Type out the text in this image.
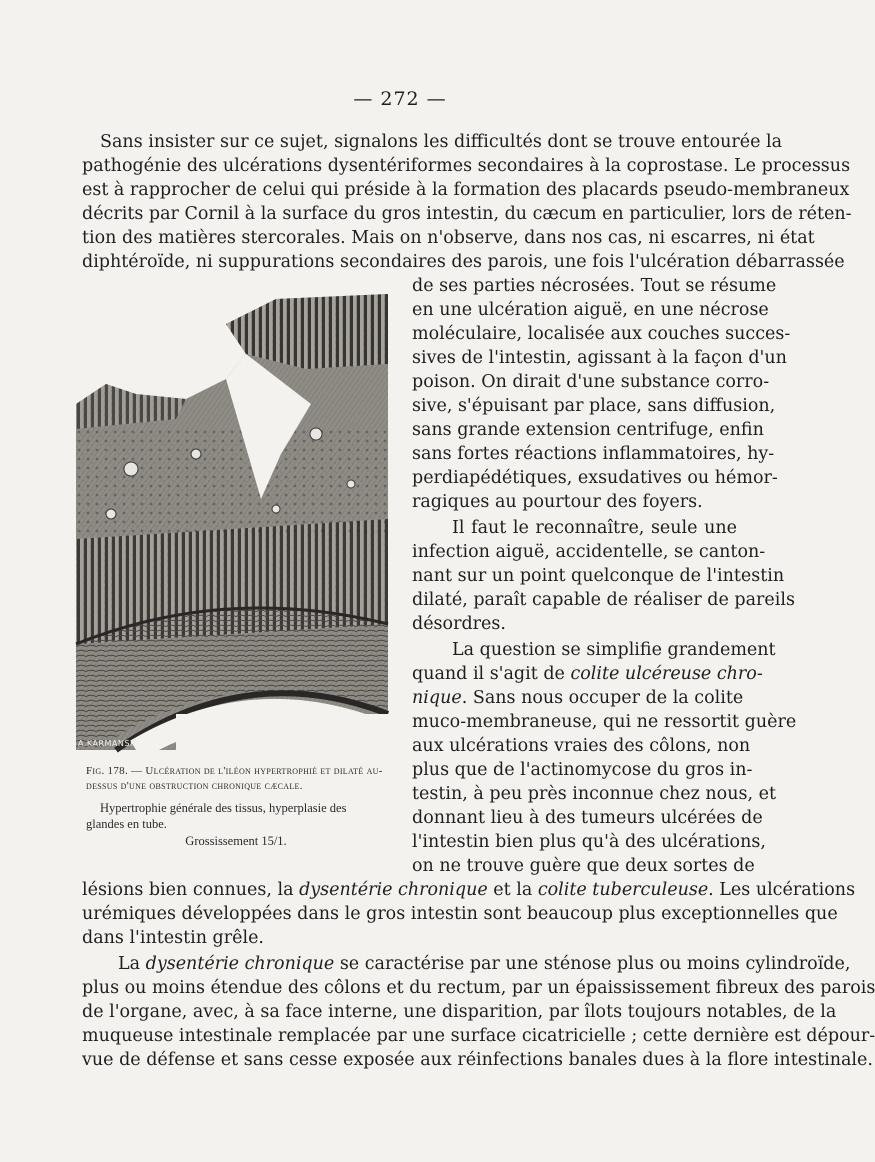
— 272 —

Sans insister sur ce sujet, signalons les difficultés dont se trouve entourée la

pathogénie des ulcérations dysentériformes secondaires à la coprostase. Le processus

est à rapprocher de celui qui préside à la formation des placards pseudo-membraneux

décrits par Cornil à la surface du gros intestin, du cæcum en particulier, lors de réten-

tion des matières stercorales. Mais on n'observe, dans nos cas, ni escarres, ni état

diphtéroïde, ni suppurations secondaires des parois, une fois l'ulcération débarrassée

de ses parties nécrosées. Tout se résume

en une ulcération aiguë, en une nécrose

moléculaire, localisée aux couches succes-

sives de l'intestin, agissant à la façon d'un

poison. On dirait d'une substance corro-

sive, s'épuisant par place, sans diffusion,

sans grande extension centrifuge, enfin

sans fortes réactions inflammatoires, hy-

perdiapédétiques, exsudatives ou hémor-

ragiques au pourtour des foyers.

Il faut le reconnaître, seule une

infection aiguë, accidentelle, se canton-

nant sur un point quelconque de l'intestin

dilaté, paraît capable de réaliser de pareils

désordres.

La question se simplifie grandement

quand il s'agit de colite ulcéreuse chro-

nique. Sans nous occuper de la colite

muco-membraneuse, qui ne ressortit guère

aux ulcérations vraies des côlons, non

plus que de l'actinomycose du gros in-

testin, à peu près inconnue chez nous, et

donnant lieu à des tumeurs ulcérées de

l'intestin bien plus qu'à des ulcérations,

on ne trouve guère que deux sortes de

lésions bien connues, la dysentérie chronique et la colite tuberculeuse. Les ulcérations

urémiques développées dans le gros intestin sont beaucoup plus exceptionnelles que

dans l'intestin grêle.

La dysentérie chronique se caractérise par une sténose plus ou moins cylindroïde,

plus ou moins étendue des côlons et du rectum, par un épaississement fibreux des parois

de l'organe, avec, à sa face interne, une disparition, par îlots toujours notables, de la

muqueuse intestinale remplacée par une surface cicatricielle ; cette dernière est dépour-

vue de défense et sans cesse exposée aux réinfections banales dues à la flore intestinale.

A.KARMANSKI
Fig. 178. — Ulcération de l'iléon hypertrophié et dilaté au-dessus d'une obstruction chronique cæcale.
Hypertrophie générale des tissus, hyperplasie des glandes en tube.
Grossissement 15/1.
